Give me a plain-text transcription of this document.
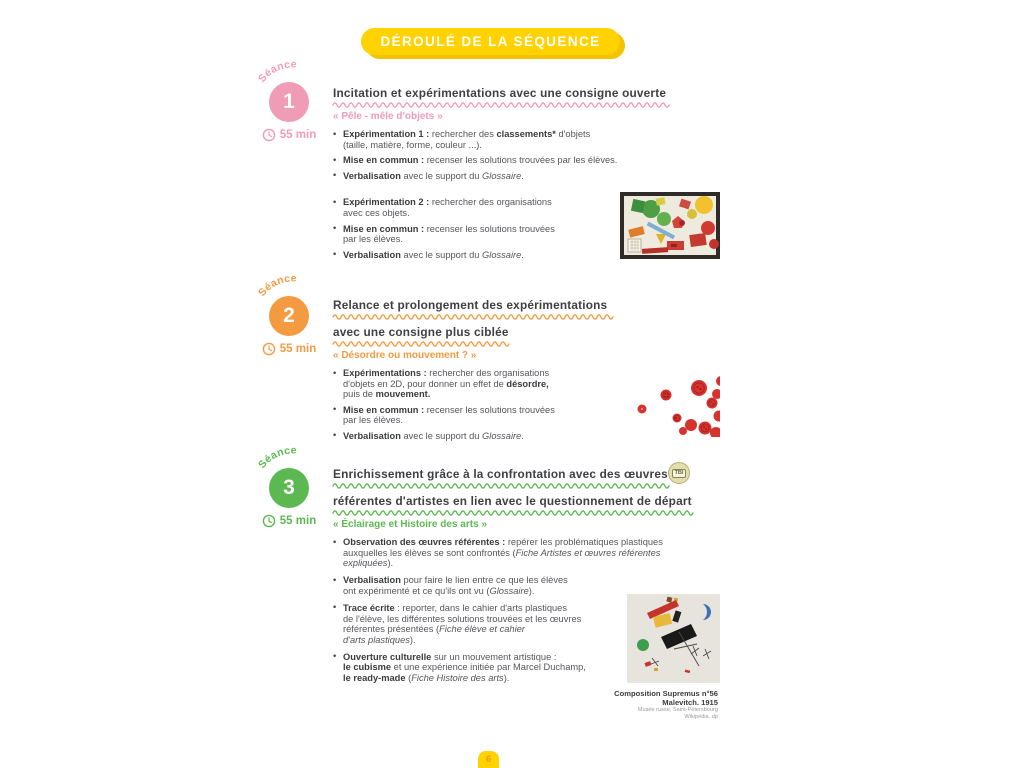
DÉROULÉ DE LA SÉQUENCE
Séance
1
55 min
Incitation et expérimentations avec une consigne ouverte
« Pêle - mêle d'objets »
• Expérimentation 1 : rechercher des classements* d'objets
(taille, matière, forme, couleur ...).
• Mise en commun : recenser les solutions trouvées par les élèves.
• Verbalisation avec le support du Glossaire.
• Expérimentation 2 : rechercher des organisations
avec ces objets.
• Mise en commun : recenser les solutions trouvées
par les élèves.
• Verbalisation avec le support du Glossaire.
Séance
2
55 min
Relance et prolongement des expérimentations
avec une consigne plus ciblée
« Désordre ou mouvement ? »
• Expérimentations : rechercher des organisations
d'objets en 2D, pour donner un effet de désordre,
puis de mouvement.
• Mise en commun : recenser les solutions trouvées
par les élèves.
• Verbalisation avec le support du Glossaire.
Séance
3
55 min
Enrichissement grâce à la confrontation avec des œuvres	TBI
référentes d'artistes en lien avec le questionnement de départ
« Éclairage et Histoire des arts »
• Observation des œuvres référentes : repérer les problématiques plastiques
auxquelles les élèves se sont confrontés (Fiche Artistes et œuvres référentes
expliquées).
• Verbalisation pour faire le lien entre ce que les élèves
ont expérimenté et ce qu'ils ont vu (Glossaire).
• Trace écrite : reporter, dans le cahier d'arts plastiques
de l'élève, les différentes solutions trouvées et les œuvres
référentes présentées (Fiche élève et cahier
d'arts plastiques).
• Ouverture culturelle sur un mouvement artistique :
le cubisme et une expérience initiée par Marcel Duchamp,
le ready-made (Fiche Histoire des arts).
Composition Supremus n°56
Malevitch. 1915
Musée russe, Saint-Pétersbourg
Wikipédia, dp
6
